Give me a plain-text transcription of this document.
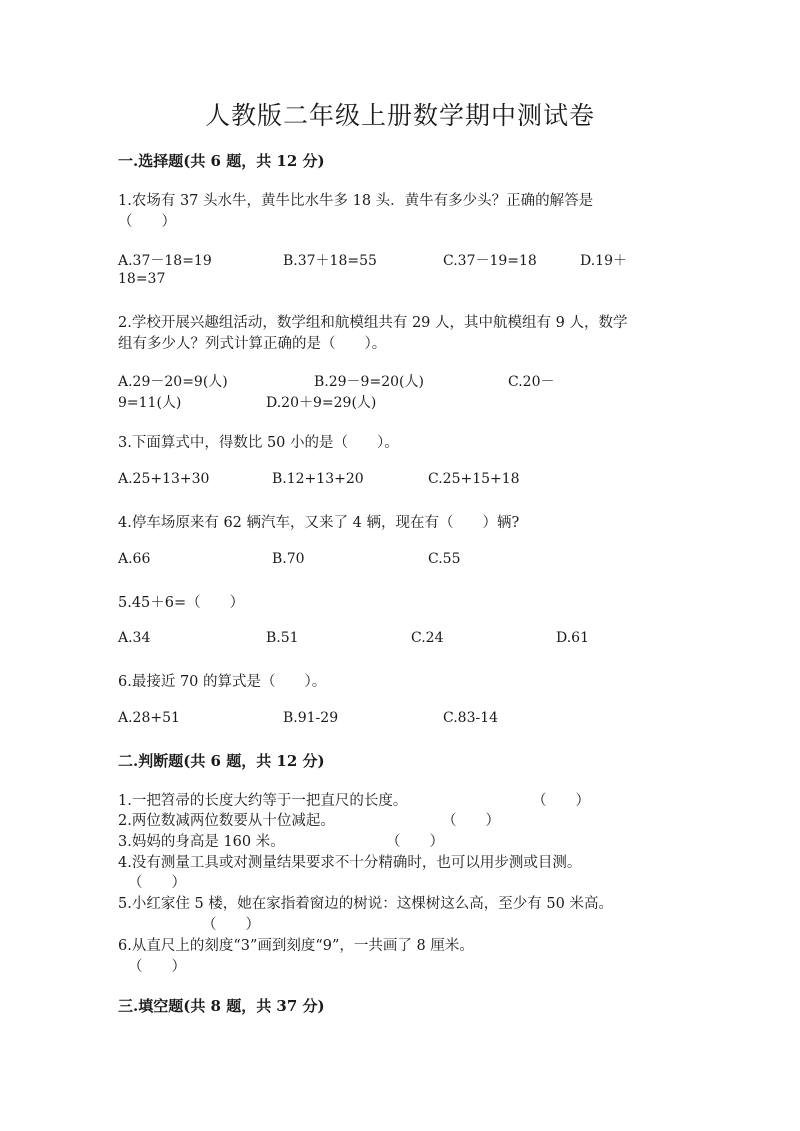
人教版二年级上册数学期中测试卷
一.选择题(共 6 题，共 12 分)
1.农场有 37 头水牛，黄牛比水牛多 18 头．黄牛有多少头？正确的解答是
（　　）
A.37－18=19	B.37＋18=55	C.37－19=18	D.19＋
18=37
2.学校开展兴趣组活动，数学组和航模组共有 29 人，其中航模组有 9 人，数学
组有多少人？列式计算正确的是（　　）。
A.29－20=9(人)	B.29－9=20(人)	C.20－
9=11(人)	D.20＋9=29(人)
3.下面算式中，得数比 50 小的是（　　）。
A.25+13+30	B.12+13+20	C.25+15+18
4.停车场原来有 62 辆汽车，又来了 4 辆，现在有（　　）辆?
A.66	B.70	C.55
5.45＋6=（　　）
A.34	B.51	C.24	D.61
6.最接近 70 的算式是（　　）。
A.28+51	B.91-29	C.83-14
二.判断题(共 6 题，共 12 分)
1.一把笤帚的长度大约等于一把直尺的长度。	（　　）
2.两位数减两位数要从十位减起。	（　　）
3.妈妈的身高是 160 米。	（　　）
4.没有测量工具或对测量结果要求不十分精确时，也可以用步测或目测。
（　　）
5.小红家住 5 楼，她在家指着窗边的树说：这棵树这么高，至少有 50 米高。
（　　）
6.从直尺上的刻度“3”画到刻度“9”，一共画了 8 厘米。
（　　）
三.填空题(共 8 题，共 37 分)
